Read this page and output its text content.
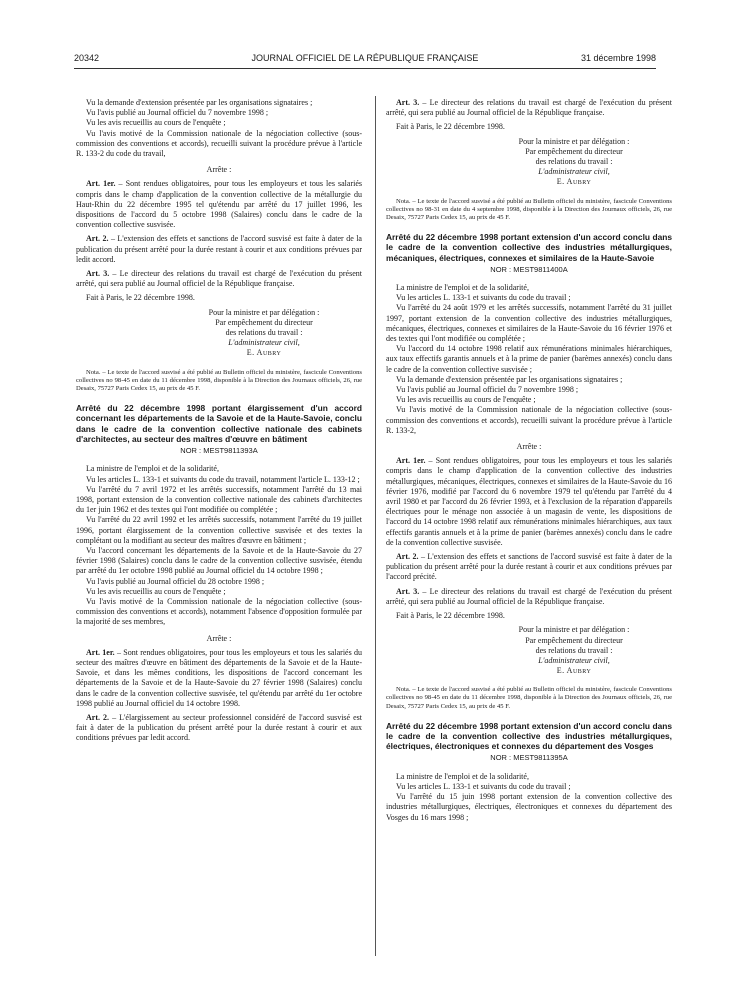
20342	JOURNAL OFFICIEL DE LA RÉPUBLIQUE FRANÇAISE	31 décembre 1998

Vu la demande d'extension présentée par les organisations signataires ;

Vu l'avis publié au Journal officiel du 7 novembre 1998 ;

Vu les avis recueillis au cours de l'enquête ;

Vu l'avis motivé de la Commission nationale de la négociation collective (sous-commission des conventions et accords), recueilli suivant la procédure prévue à l'article R. 133-2 du code du travail,

Arrête :

Art. 1er. – Sont rendues obligatoires, pour tous les employeurs et tous les salariés compris dans le champ d'application de la convention collective de la métallurgie du Haut-Rhin du 22 décembre 1995 tel qu'étendu par arrêté du 17 juillet 1996, les dispositions de l'accord du 5 octobre 1998 (Salaires) conclu dans le cadre de la convention collective susvisée.

Art. 2. – L'extension des effets et sanctions de l'accord susvisé est faite à dater de la publication du présent arrêté pour la durée restant à courir et aux conditions prévues par ledit accord.

Art. 3. – Le directeur des relations du travail est chargé de l'exécution du présent arrêté, qui sera publié au Journal officiel de la République française.

Fait à Paris, le 22 décembre 1998.

Pour la ministre et par délégation :
Par empêchement du directeur
des relations du travail :
L'administrateur civil,
E. Aubry

Nota. – Le texte de l'accord susvisé a été publié au Bulletin officiel du ministère, fascicule Conventions collectives no 98-45 en date du 11 décembre 1998, disponible à la Direction des Journaux officiels, 26, rue Desaix, 75727 Paris Cedex 15, au prix de 45 F.

Arrêté du 22 décembre 1998 portant élargissement d'un accord concernant les départements de la Savoie et de la Haute-Savoie, conclu dans le cadre de la convention collective nationale des cabinets d'architectes, au secteur des maîtres d'œuvre en bâtiment
NOR : MESТ9811393A

La ministre de l'emploi et de la solidarité,

Vu les articles L. 133-1 et suivants du code du travail, notamment l'article L. 133-12 ;

Vu l'arrêté du 7 avril 1972 et les arrêtés successifs, notamment l'arrêté du 13 mai 1998, portant extension de la convention collective nationale des cabinets d'architectes du 1er juin 1962 et des textes qui l'ont modifiée ou complétée ;

Vu l'arrêté du 22 avril 1992 et les arrêtés successifs, notamment l'arrêté du 19 juillet 1996, portant élargissement de la convention collective susvisée et des textes la complétant ou la modifiant au secteur des maîtres d'œuvre en bâtiment ;

Vu l'accord concernant les départements de la Savoie et de la Haute-Savoie du 27 février 1998 (Salaires) conclu dans le cadre de la convention collective susvisée, étendu par arrêté du 1er octobre 1998 publié au Journal officiel du 14 octobre 1998 ;

Vu l'avis publié au Journal officiel du 28 octobre 1998 ;

Vu les avis recueillis au cours de l'enquête ;

Vu l'avis motivé de la Commission nationale de la négociation collective (sous-commission des conventions et accords), notamment l'absence d'opposition formulée par la majorité de ses membres,

Arrête :

Art. 1er. – Sont rendues obligatoires, pour tous les employeurs et tous les salariés du secteur des maîtres d'œuvre en bâtiment des départements de la Savoie et de la Haute-Savoie, et dans les mêmes conditions, les dispositions de l'accord concernant les départements de la Savoie et de la Haute-Savoie du 27 février 1998 (Salaires) conclu dans le cadre de la convention collective susvisée, tel qu'étendu par arrêté du 1er octobre 1998 publié au Journal officiel du 14 octobre 1998.

Art. 2. – L'élargissement au secteur professionnel considéré de l'accord susvisé est fait à dater de la publication du présent arrêté pour la durée restant à courir et aux conditions prévues par ledit accord.

Art. 3. – Le directeur des relations du travail est chargé de l'exécution du présent arrêté, qui sera publié au Journal officiel de la République française.

Fait à Paris, le 22 décembre 1998.

Pour la ministre et par délégation :
Par empêchement du directeur
des relations du travail :
L'administrateur civil,
E. Aubry

Nota. – Le texte de l'accord susvisé a été publié au Bulletin officiel du ministère, fascicule Conventions collectives no 98-31 en date du 4 septembre 1998, disponible à la Direction des Journaux officiels, 26, rue Desaix, 75727 Paris Cedex 15, au prix de 45 F.

Arrêté du 22 décembre 1998 portant extension d'un accord conclu dans le cadre de la convention collective des industries métallurgiques, mécaniques, électriques, connexes et similaires de la Haute-Savoie
NOR : MESТ9811400A

La ministre de l'emploi et de la solidarité,

Vu les articles L. 133-1 et suivants du code du travail ;

Vu l'arrêté du 24 août 1979 et les arrêtés successifs, notamment l'arrêté du 31 juillet 1997, portant extension de la convention collective des industries métallurgiques, mécaniques, électriques, connexes et similaires de la Haute-Savoie du 16 février 1976 et des textes qui l'ont modifiée ou complétée ;

Vu l'accord du 14 octobre 1998 relatif aux rémunérations minimales hiérarchiques, aux taux effectifs garantis annuels et à la prime de panier (barèmes annexés) conclu dans le cadre de la convention collective susvisée ;

Vu la demande d'extension présentée par les organisations signataires ;

Vu l'avis publié au Journal officiel du 7 novembre 1998 ;

Vu les avis recueillis au cours de l'enquête ;

Vu l'avis motivé de la Commission nationale de la négociation collective (sous-commission des conventions et accords), recueilli suivant la procédure prévue à l'article R. 133-2,

Arrête :

Art. 1er. – Sont rendues obligatoires, pour tous les employeurs et tous les salariés compris dans le champ d'application de la convention collective des industries métallurgiques, mécaniques, électriques, connexes et similaires de la Haute-Savoie du 16 février 1976, modifié par l'accord du 6 novembre 1979 tel qu'étendu par l'arrêté du 4 avril 1980 et par l'accord du 26 février 1993, et à l'exclusion de la réparation d'appareils électriques pour le ménage non associée à un magasin de vente, les dispositions de l'accord du 14 octobre 1998 relatif aux rémunérations minimales hiérarchiques, aux taux effectifs garantis annuels et à la prime de panier (barèmes annexés) conclu dans le cadre de la convention collective susvisée.

Art. 2. – L'extension des effets et sanctions de l'accord susvisé est faite à dater de la publication du présent arrêté pour la durée restant à courir et aux conditions prévues par l'accord précité.

Art. 3. – Le directeur des relations du travail est chargé de l'exécution du présent arrêté, qui sera publié au Journal officiel de la République française.

Fait à Paris, le 22 décembre 1998.

Pour la ministre et par délégation :
Par empêchement du directeur
des relations du travail :
L'administrateur civil,
E. Aubry

Nota. – Le texte de l'accord susvisé a été publié au Bulletin officiel du ministère, fascicule Conventions collectives no 98-45 en date du 11 décembre 1998, disponible à la Direction des Journaux officiels, 26, rue Desaix, 75727 Paris Cedex 15, au prix de 45 F.

Arrêté du 22 décembre 1998 portant extension d'un accord conclu dans le cadre de la convention collective des industries métallurgiques, électriques, électroniques et connexes du département des Vosges
NOR : MESТ9811395A

La ministre de l'emploi et de la solidarité,

Vu les articles L. 133-1 et suivants du code du travail ;

Vu l'arrêté du 15 juin 1998 portant extension de la convention collective des industries métallurgiques, électriques, électroniques et connexes du département des Vosges du 16 mars 1998 ;
